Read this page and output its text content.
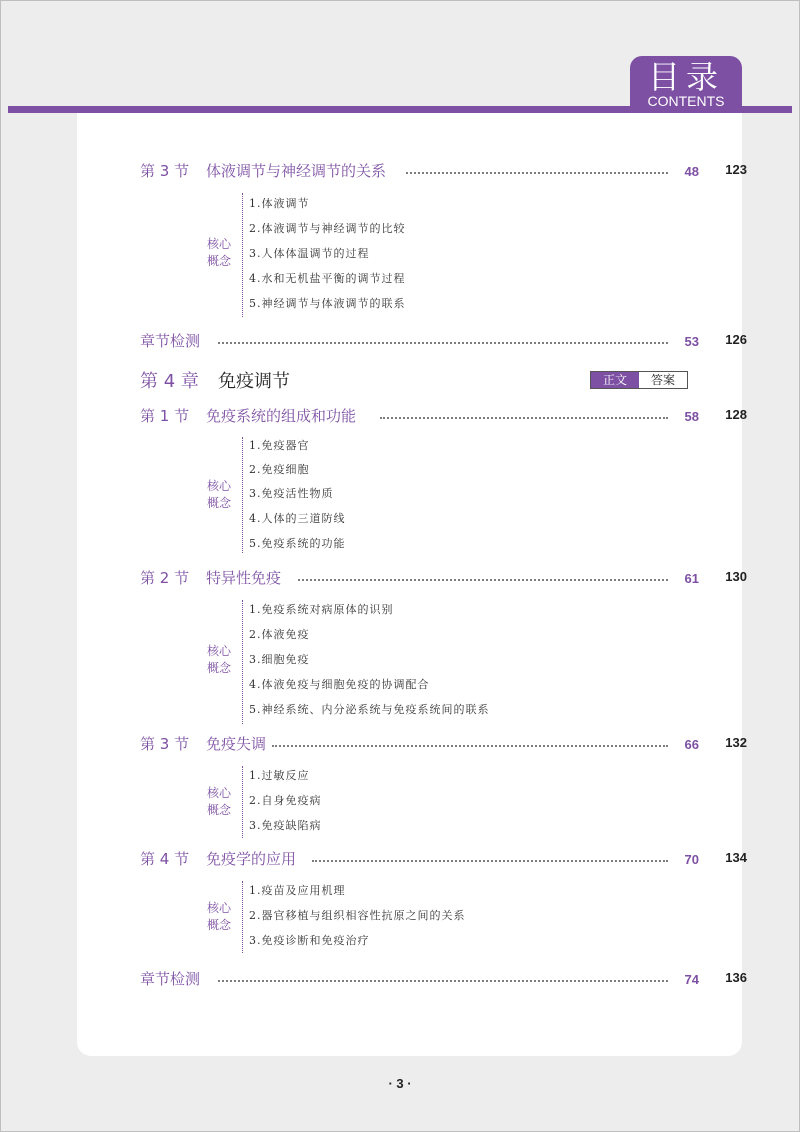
目录
CONTENTS
第 3 节 体液调节与神经调节的关系	48	123
核心
概念
1.体液调节
2.体液调节与神经调节的比较
3.人体体温调节的过程
4.水和无机盐平衡的调节过程
5.神经调节与体液调节的联系
章节检测	53	126
第 4 章 免疫调节
第 1 节 免疫系统的组成和功能	58	128
核心
概念
1.免疫器官
2.免疫细胞
3.免疫活性物质
4.人体的三道防线
5.免疫系统的功能
第 2 节 特异性免疫	61	130
核心
概念
1.免疫系统对病原体的识别
2.体液免疫
3.细胞免疫
4.体液免疫与细胞免疫的协调配合
5.神经系统、内分泌系统与免疫系统间的联系
第 3 节 免疫失调	66	132
核心
概念
1.过敏反应
2.自身免疫病
3.免疫缺陷病
第 4 节 免疫学的应用	70	134
核心
概念
1.疫苗及应用机理
2.器官移植与组织相容性抗原之间的关系
3.免疫诊断和免疫治疗
章节检测	74	136
正文	答案
· 3 ·
